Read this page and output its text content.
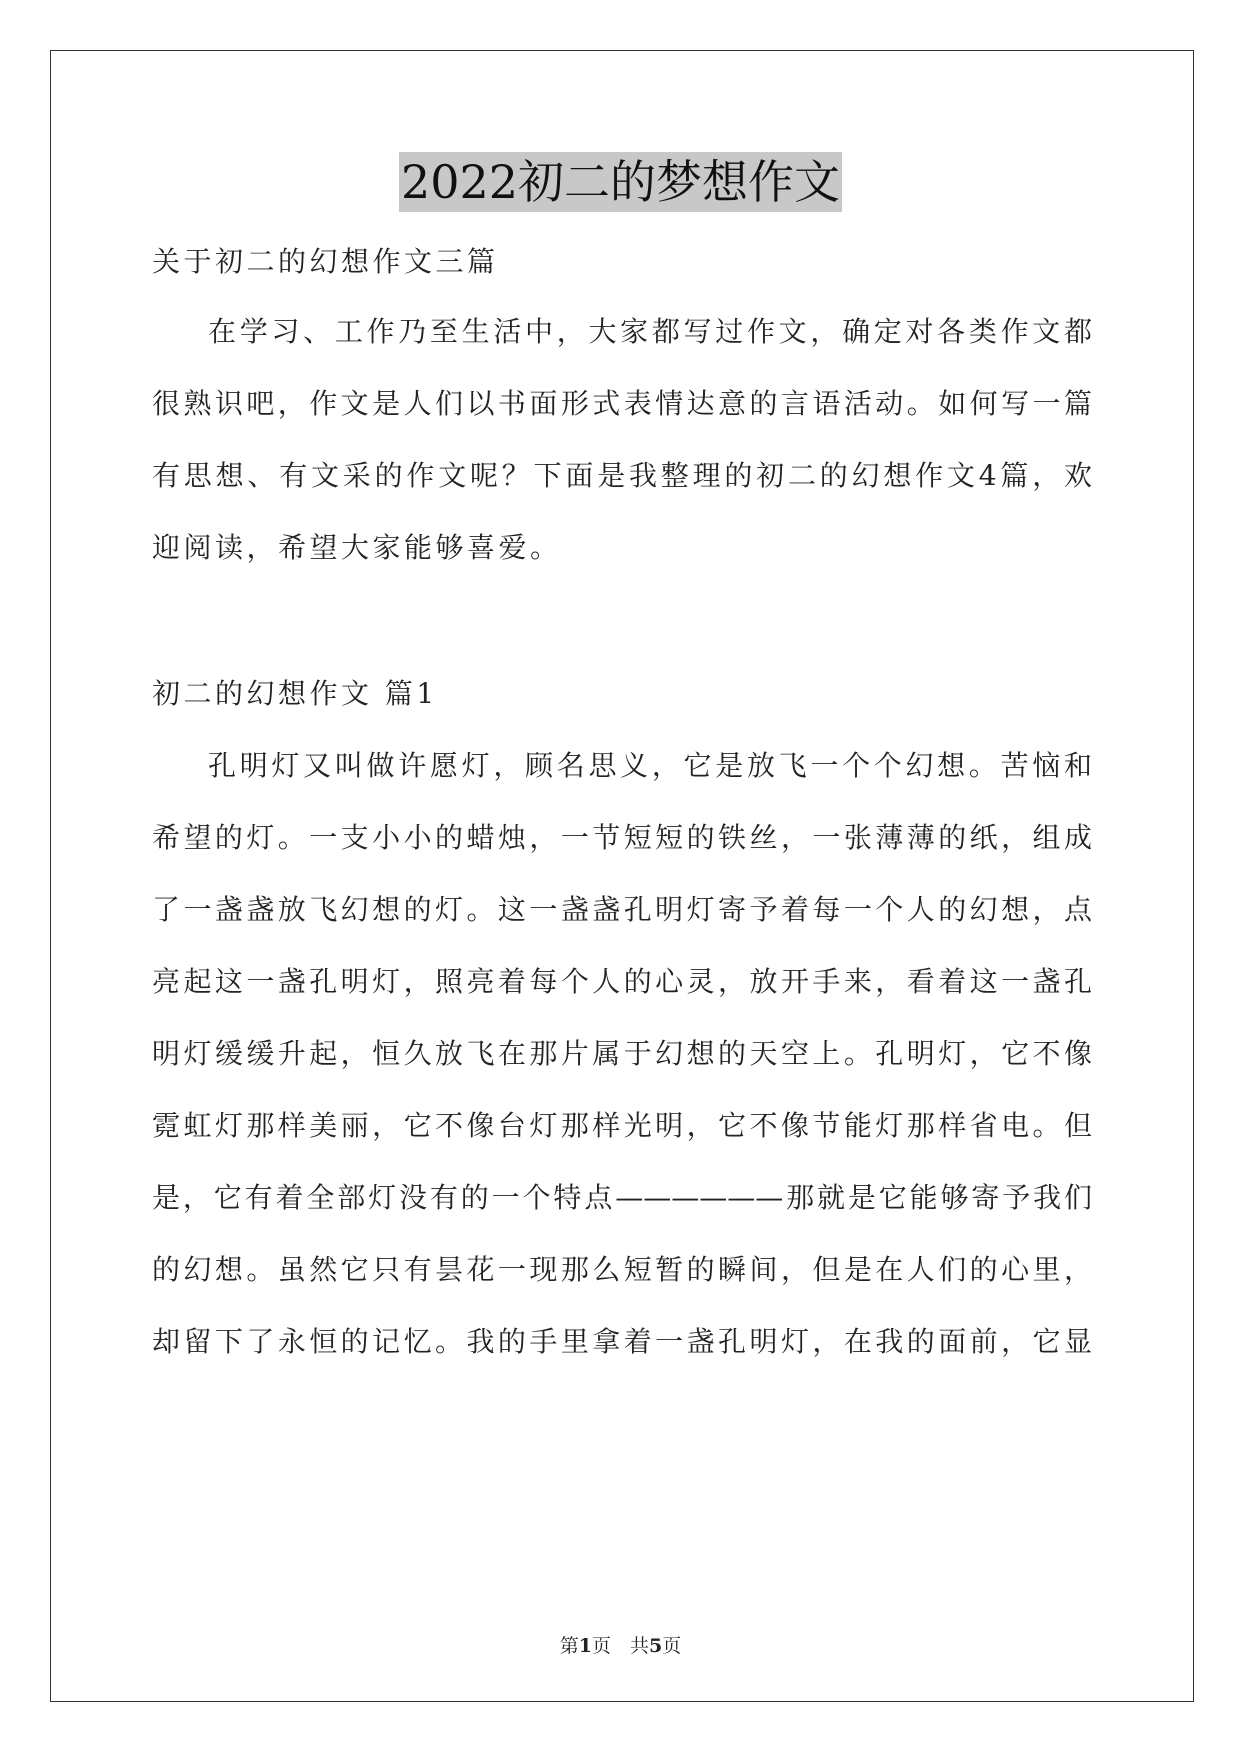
2022初二的梦想作文
关于初二的幻想作文三篇
在学习、工作乃至生活中，大家都写过作文，确定对各类作文都
很熟识吧，作文是人们以书面形式表情达意的言语活动。如何写一篇
有思想、有文采的作文呢？下面是我整理的初二的幻想作文4篇，欢
迎阅读，希望大家能够喜爱。
初二的幻想作文 篇1
孔明灯又叫做许愿灯，顾名思义，它是放飞一个个幻想。苦恼和
希望的灯。一支小小的蜡烛，一节短短的铁丝，一张薄薄的纸，组成
了一盏盏放飞幻想的灯。这一盏盏孔明灯寄予着每一个人的幻想，点
亮起这一盏孔明灯，照亮着每个人的心灵，放开手来，看着这一盏孔
明灯缓缓升起，恒久放飞在那片属于幻想的天空上。孔明灯，它不像
霓虹灯那样美丽，它不像台灯那样光明，它不像节能灯那样省电。但
是，它有着全部灯没有的一个特点——————那就是它能够寄予我们
的幻想。虽然它只有昙花一现那么短暂的瞬间，但是在人们的心里，
却留下了永恒的记忆。我的手里拿着一盏孔明灯，在我的面前，它显
第1页　共5页
